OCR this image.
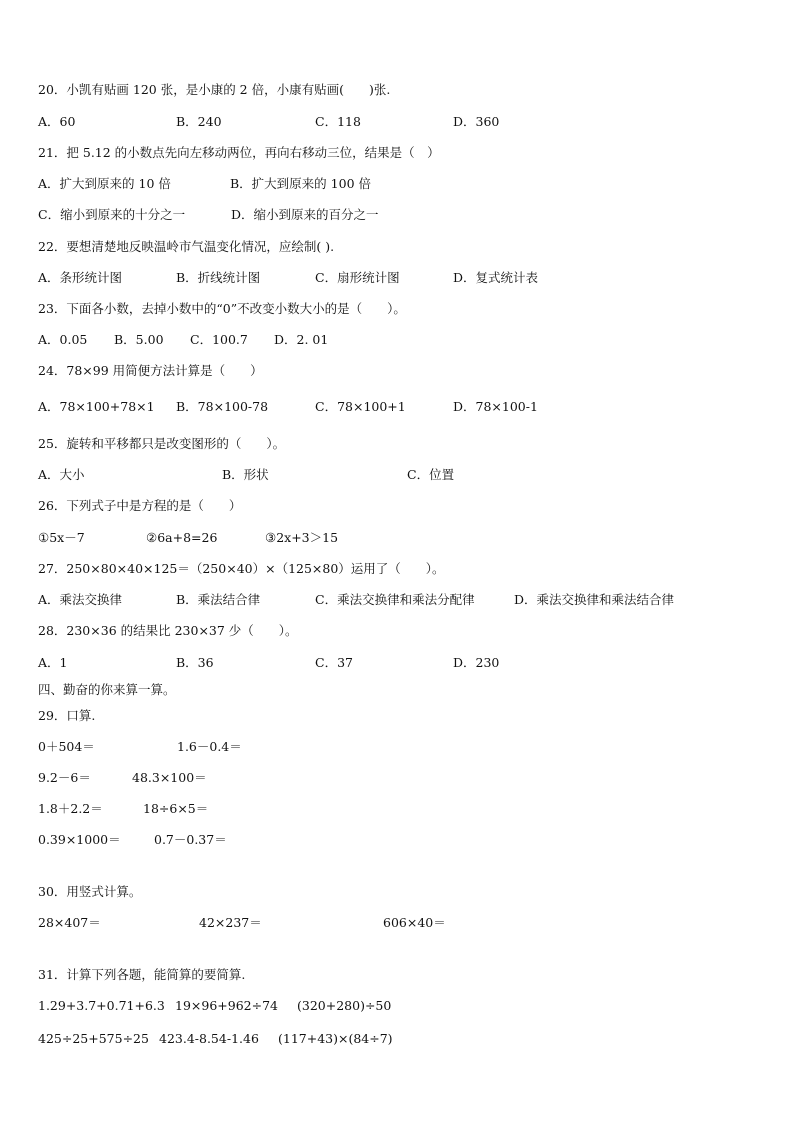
20．小凯有贴画 120 张，是小康的 2 倍，小康有贴画(　　)张.
A．60	B．240	C．118	D．360
21．把 5.12 的小数点先向左移动两位，再向右移动三位，结果是（　）
A．扩大到原来的 10 倍	B．扩大到原来的 100 倍
C．缩小到原来的十分之一	D．缩小到原来的百分之一
22．要想清楚地反映温岭市气温变化情况，应绘制( ).
A．条形统计图	B．折线统计图	C．扇形统计图	D．复式统计表
23．下面各小数，去掉小数中的“0”不改变小数大小的是（　　）。
A．0.05 B．5.00 C．100.7 D．2. 01
24．78×99 用简便方法计算是（　　）
A．78×100+78×1 B．78×100-78	C．78×100+1	D．78×100-1
25．旋转和平移都只是改变图形的（　　）。
A．大小	B．形状	C．位置
26．下列式子中是方程的是（　　）
①5x－7	②6a+8=26	③2x+3＞15
27．250×80×40×125＝（250×40）×（125×80）运用了（　　）。
A．乘法交换律	B．乘法结合律	C．乘法交换律和乘法分配律	D．乘法交换律和乘法结合律
28．230×36 的结果比 230×37 少（　　）。
A．1	B．36	C．37	D．230
四、勤奋的你来算一算。
29．口算.
0＋504＝	1.6－0.4＝
9.2－6＝	48.3×100＝
1.8＋2.2＝	18÷6×5＝
0.39×1000＝	0.7－0.37＝
30．用竖式计算。
28×407＝	42×237＝	606×40＝
31．计算下列各题，能简算的要简算.
1.29+3.7+0.71+6.3 19×96+962÷74 (320+280)÷50
425÷25+575÷25 423.4-8.54-1.46 (117+43)×(84÷7)
